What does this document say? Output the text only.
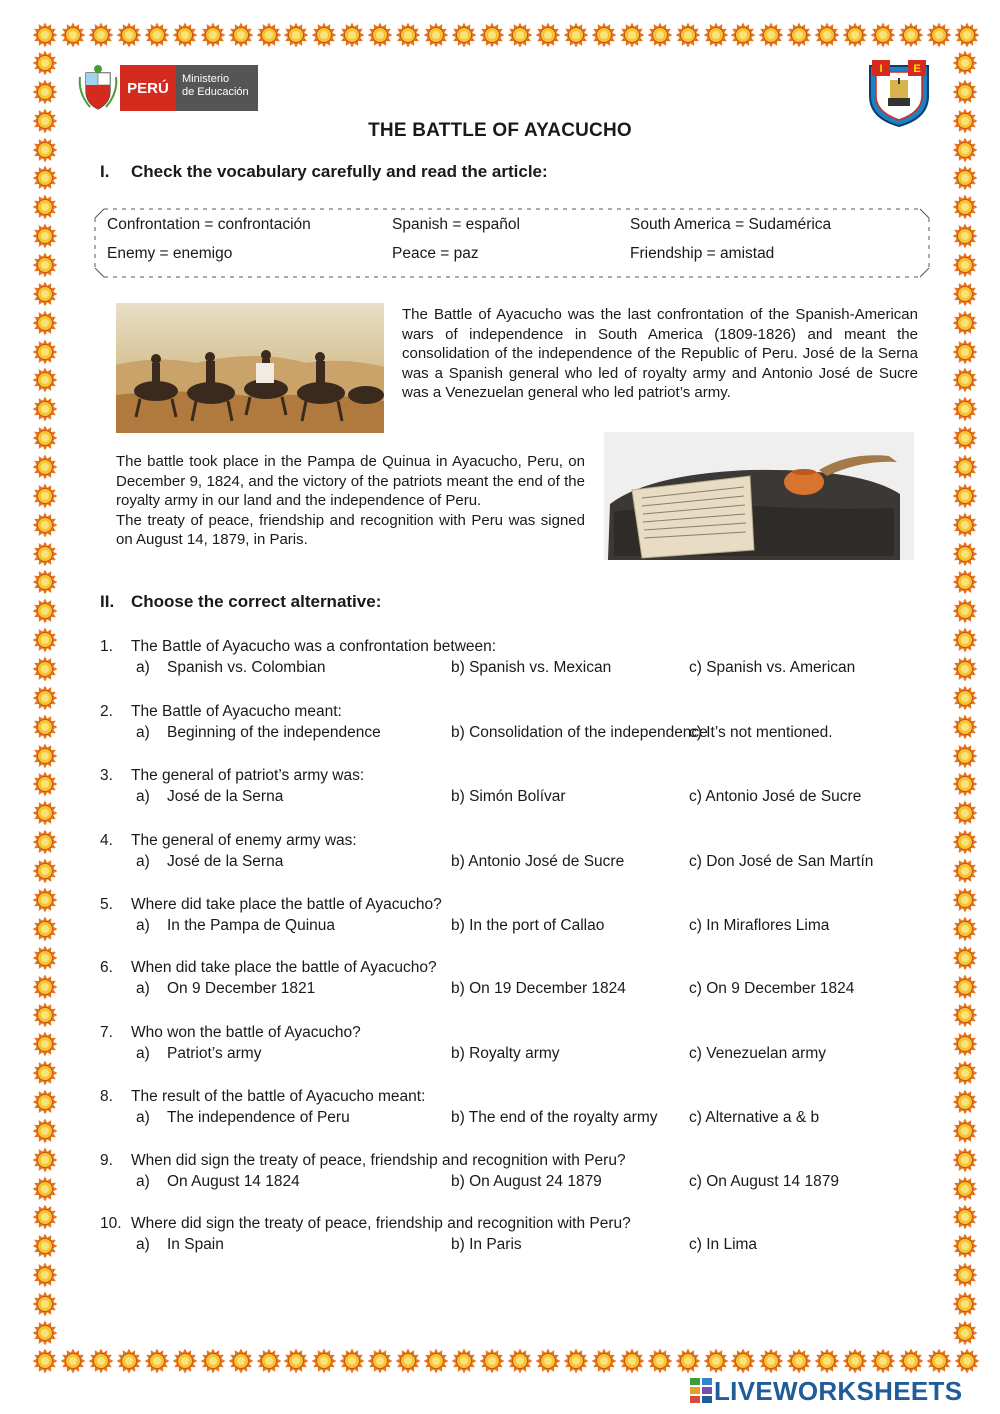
PERÚ
Ministerio
de Educación
I	E
THE BATTLE OF AYACUCHO
I.	Check the vocabulary carefully and read the article:
Confrontation = confrontación	Spanish = español	South America = Sudamérica
Enemy = enemigo	Peace = paz	Friendship = amistad
The Battle of Ayacucho was the last confrontation of the Spanish-American wars of independence in South America (1809-1826) and meant the consolidation of the independence of the Republic of Peru. José de la Serna was a Spanish general who led of royalty army and Antonio José de Sucre was a Venezuelan general who led patriot’s army.
The battle took place in the Pampa de Quinua in Ayacucho, Peru, on December 9, 1824, and the victory of the patriots meant the end of the royalty army in our land and the independence of Peru.
The treaty of peace, friendship and recognition with Peru was signed on August 14, 1879, in Paris.
II. Choose the correct alternative:
1.	The Battle of Ayacucho was a confrontation between:
a) Spanish vs. Colombian	b) Spanish vs. Mexican	c) Spanish vs. American
2.	The Battle of Ayacucho meant:
a) Beginning of the independence	b) Consolidation of the independence
c) It’s not mentioned.
3.	The general of patriot’s army was:
a) José de la Serna	b) Simón Bolívar	c) Antonio José de Sucre
4.	The general of enemy army was:
a) José de la Serna	b) Antonio José de Sucre	c) Don José de San Martín
5.	Where did take place the battle of Ayacucho?
a) In the Pampa de Quinua	b) In the port of Callao	c) In Miraflores Lima
6.	When did take place the battle of Ayacucho?
a) On 9 December 1821	b) On 19 December 1824	c) On 9 December 1824
7.	Who won the battle of Ayacucho?
a) Patriot’s army	b) Royalty army	c) Venezuelan army
8.	The result of the battle of Ayacucho meant:
a) The independence of Peru	b) The end of the royalty army c) Alternative a & b
9.	When did sign the treaty of peace, friendship and recognition with Peru?
a) On August 14 1824	b) On August 24 1879	c) On August 14 1879
10. Where did sign the treaty of peace, friendship and recognition with Peru?
a) In Spain	b) In Paris	c) In Lima
LIVEWORKSHEETS
